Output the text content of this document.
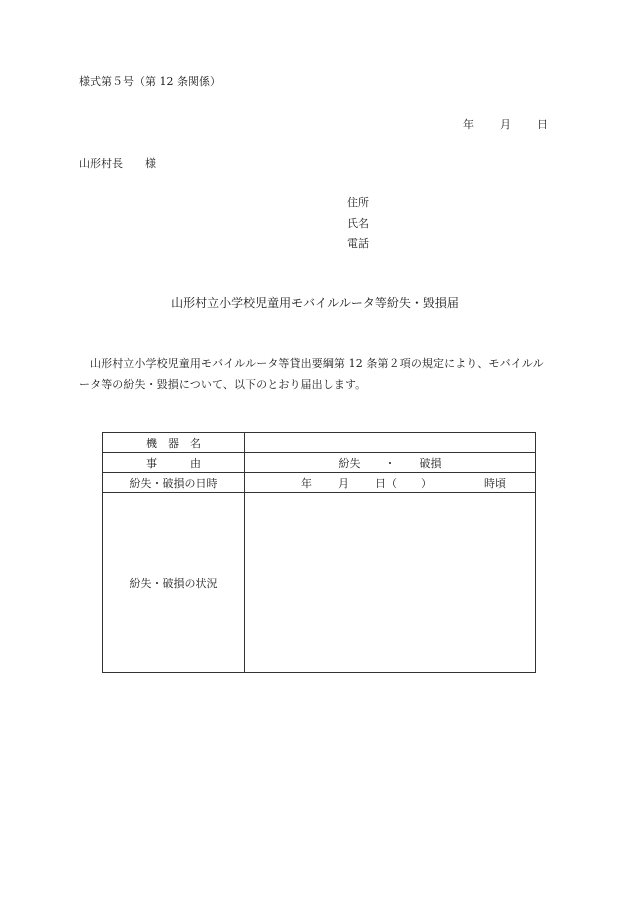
様式第５号（第 12 条関係）
年 月 日
山形村長　　様
住所
氏名
電話
山形村立小学校児童用モバイルルータ等紛失・毀損届
山形村立小学校児童用モバイルルータ等貸出要綱第 12 条第２項の規定により、モバイルルータ等の紛失・毀損について、以下のとおり届出します。
機　器　名	
事　　　由	紛失 ・ 破損
紛失・破損の日時	年 月 日（ ） 時頃
紛失・破損の状況	
